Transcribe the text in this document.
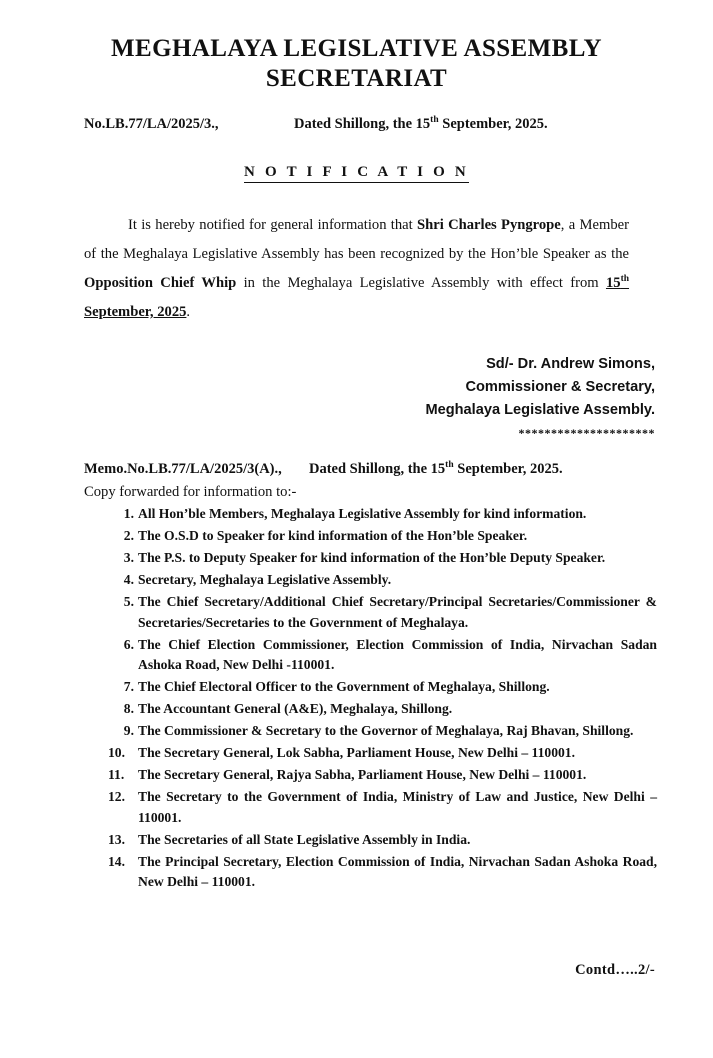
MEGHALAYA LEGISLATIVE ASSEMBLY
SECRETARIAT
No.LB.77/LA/2025/3.,	Dated Shillong, the 15th September, 2025.
N O T I F I C A T I O N

It is hereby notified for general information that Shri Charles Pyngrope, a Member of the Meghalaya Legislative Assembly has been recognized by the Hon’ble Speaker as the Opposition Chief Whip in the Meghalaya Legislative Assembly with effect from 15th September, 2025.

Sd/- Dr. Andrew Simons,
Commissioner & Secretary,
Meghalaya Legislative Assembly.
*********************
Memo.No.LB.77/LA/2025/3(A).,	Dated Shillong, the 15th September, 2025.
Copy forwarded for information to:-
1. All Hon’ble Members, Meghalaya Legislative Assembly for kind information.
2. The O.S.D to Speaker for kind information of the Hon’ble Speaker.
3. The P.S. to Deputy Speaker for kind information of the Hon’ble Deputy Speaker.
4. Secretary, Meghalaya Legislative Assembly.
5. The Chief Secretary/Additional Chief Secretary/Principal Secretaries/Commissioner & Secretaries/Secretaries to the Government of Meghalaya.
6. The Chief Election Commissioner, Election Commission of India, Nirvachan Sadan Ashoka Road, New Delhi -110001.
7. The Chief Electoral Officer to the Government of Meghalaya, Shillong.
8. The Accountant General (A&E), Meghalaya, Shillong.
9. The Commissioner & Secretary to the Governor of Meghalaya, Raj Bhavan, Shillong.
10. The Secretary General, Lok Sabha, Parliament House, New Delhi – 110001.
11.	The Secretary General, Rajya Sabha, Parliament House, New Delhi – 110001.
12. The Secretary to the Government of India, Ministry of Law and Justice, New Delhi – 110001.
13. The Secretaries of all State Legislative Assembly in India.
14. The Principal Secretary, Election Commission of India, Nirvachan Sadan Ashoka Road, New Delhi – 110001.
Contd…..2/-
